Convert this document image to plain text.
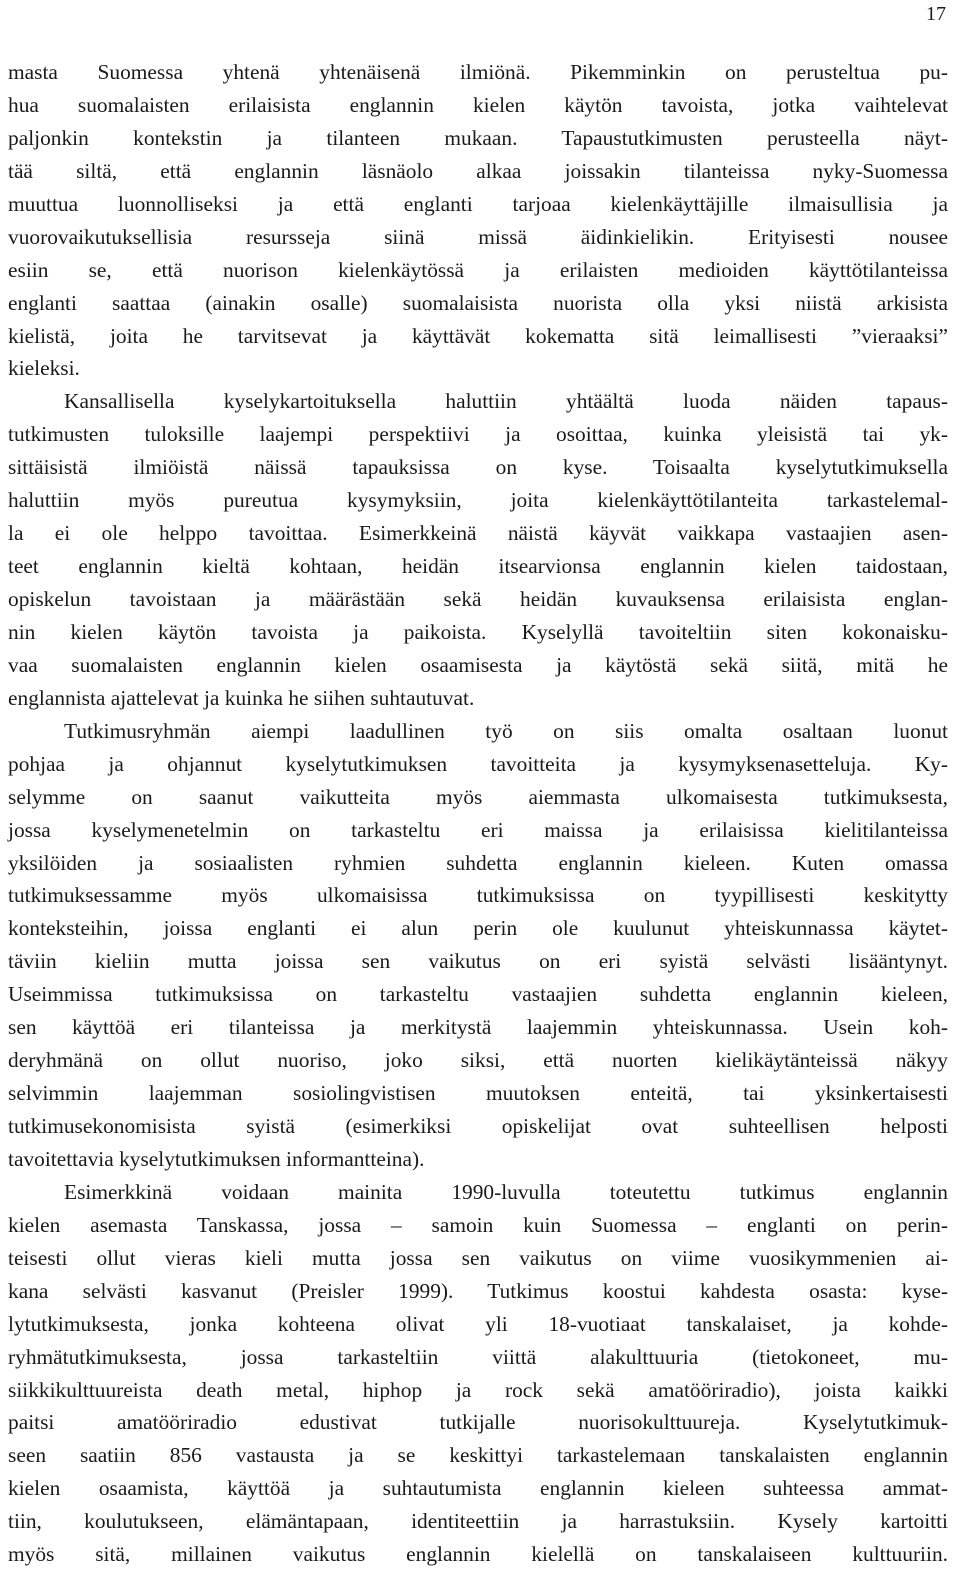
17
masta Suomessa yhtenä yhtenäisenä ilmiönä. Pikemminkin on perusteltua pu-
hua suomalaisten erilaisista englannin kielen käytön tavoista, jotka vaihtelevat
paljonkin kontekstin ja tilanteen mukaan. Tapaustutkimusten perusteella näyt-
tää siltä, että englannin läsnäolo alkaa joissakin tilanteissa nyky-Suomessa
muuttua luonnolliseksi ja että englanti tarjoaa kielenkäyttäjille ilmaisullisia ja
vuorovaikutuksellisia resursseja siinä missä äidinkielikin. Erityisesti nousee
esiin se, että nuorison kielenkäytössä ja erilaisten medioiden käyttötilanteissa
englanti saattaa (ainakin osalle) suomalaisista nuorista olla yksi niistä arkisista
kielistä, joita he tarvitsevat ja käyttävät kokematta sitä leimallisesti ”vieraaksi”
kieleksi.
Kansallisella kyselykartoituksella haluttiin yhtäältä luoda näiden tapaus-
tutkimusten tuloksille laajempi perspektiivi ja osoittaa, kuinka yleisistä tai yk-
sittäisistä ilmiöistä näissä tapauksissa on kyse. Toisaalta kyselytutkimuksella
haluttiin myös pureutua kysymyksiin, joita kielenkäyttötilanteita tarkastelemal-
la ei ole helppo tavoittaa. Esimerkkeinä näistä käyvät vaikkapa vastaajien asen-
teet englannin kieltä kohtaan, heidän itsearvionsa englannin kielen taidostaan,
opiskelun tavoistaan ja määrästään sekä heidän kuvauksensa erilaisista englan-
nin kielen käytön tavoista ja paikoista. Kyselyllä tavoiteltiin siten kokonaisku-
vaa suomalaisten englannin kielen osaamisesta ja käytöstä sekä siitä, mitä he
englannista ajattelevat ja kuinka he siihen suhtautuvat.
Tutkimusryhmän aiempi laadullinen työ on siis omalta osaltaan luonut
pohjaa ja ohjannut kyselytutkimuksen tavoitteita ja kysymyksenasetteluja. Ky-
selymme on saanut vaikutteita myös aiemmasta ulkomaisesta tutkimuksesta,
jossa kyselymenetelmin on tarkasteltu eri maissa ja erilaisissa kielitilanteissa
yksilöiden ja sosiaalisten ryhmien suhdetta englannin kieleen. Kuten omassa
tutkimuksessamme myös ulkomaisissa tutkimuksissa on tyypillisesti keskitytty
konteksteihin, joissa englanti ei alun perin ole kuulunut yhteiskunnassa käytet-
täviin kieliin mutta joissa sen vaikutus on eri syistä selvästi lisääntynyt.
Useimmissa tutkimuksissa on tarkasteltu vastaajien suhdetta englannin kieleen,
sen käyttöä eri tilanteissa ja merkitystä laajemmin yhteiskunnassa. Usein koh-
deryhmänä on ollut nuoriso, joko siksi, että nuorten kielikäytänteissä näkyy
selvimmin laajemman sosiolingvistisen muutoksen enteitä, tai yksinkertaisesti
tutkimusekonomisista syistä (esimerkiksi opiskelijat ovat suhteellisen helposti
tavoitettavia kyselytutkimuksen informantteina).
Esimerkkinä voidaan mainita 1990-luvulla toteutettu tutkimus englannin
kielen asemasta Tanskassa, jossa – samoin kuin Suomessa – englanti on perin-
teisesti ollut vieras kieli mutta jossa sen vaikutus on viime vuosikymmenien ai-
kana selvästi kasvanut (Preisler 1999). Tutkimus koostui kahdesta osasta: kyse-
lytutkimuksesta, jonka kohteena olivat yli 18-vuotiaat tanskalaiset, ja kohde-
ryhmätutkimuksesta, jossa tarkasteltiin viittä alakulttuuria (tietokoneet, mu-
siikkikulttuureista death metal, hiphop ja rock sekä amatööriradio), joista kaikki
paitsi amatööriradio edustivat tutkijalle nuorisokulttuureja. Kyselytutkimuk-
seen saatiin 856 vastausta ja se keskittyi tarkastelemaan tanskalaisten englannin
kielen osaamista, käyttöä ja suhtautumista englannin kieleen suhteessa ammat-
tiin, koulutukseen, elämäntapaan, identiteettiin ja harrastuksiin. Kysely kartoitti
myös sitä, millainen vaikutus englannin kielellä on tanskalaiseen kulttuuriin.
